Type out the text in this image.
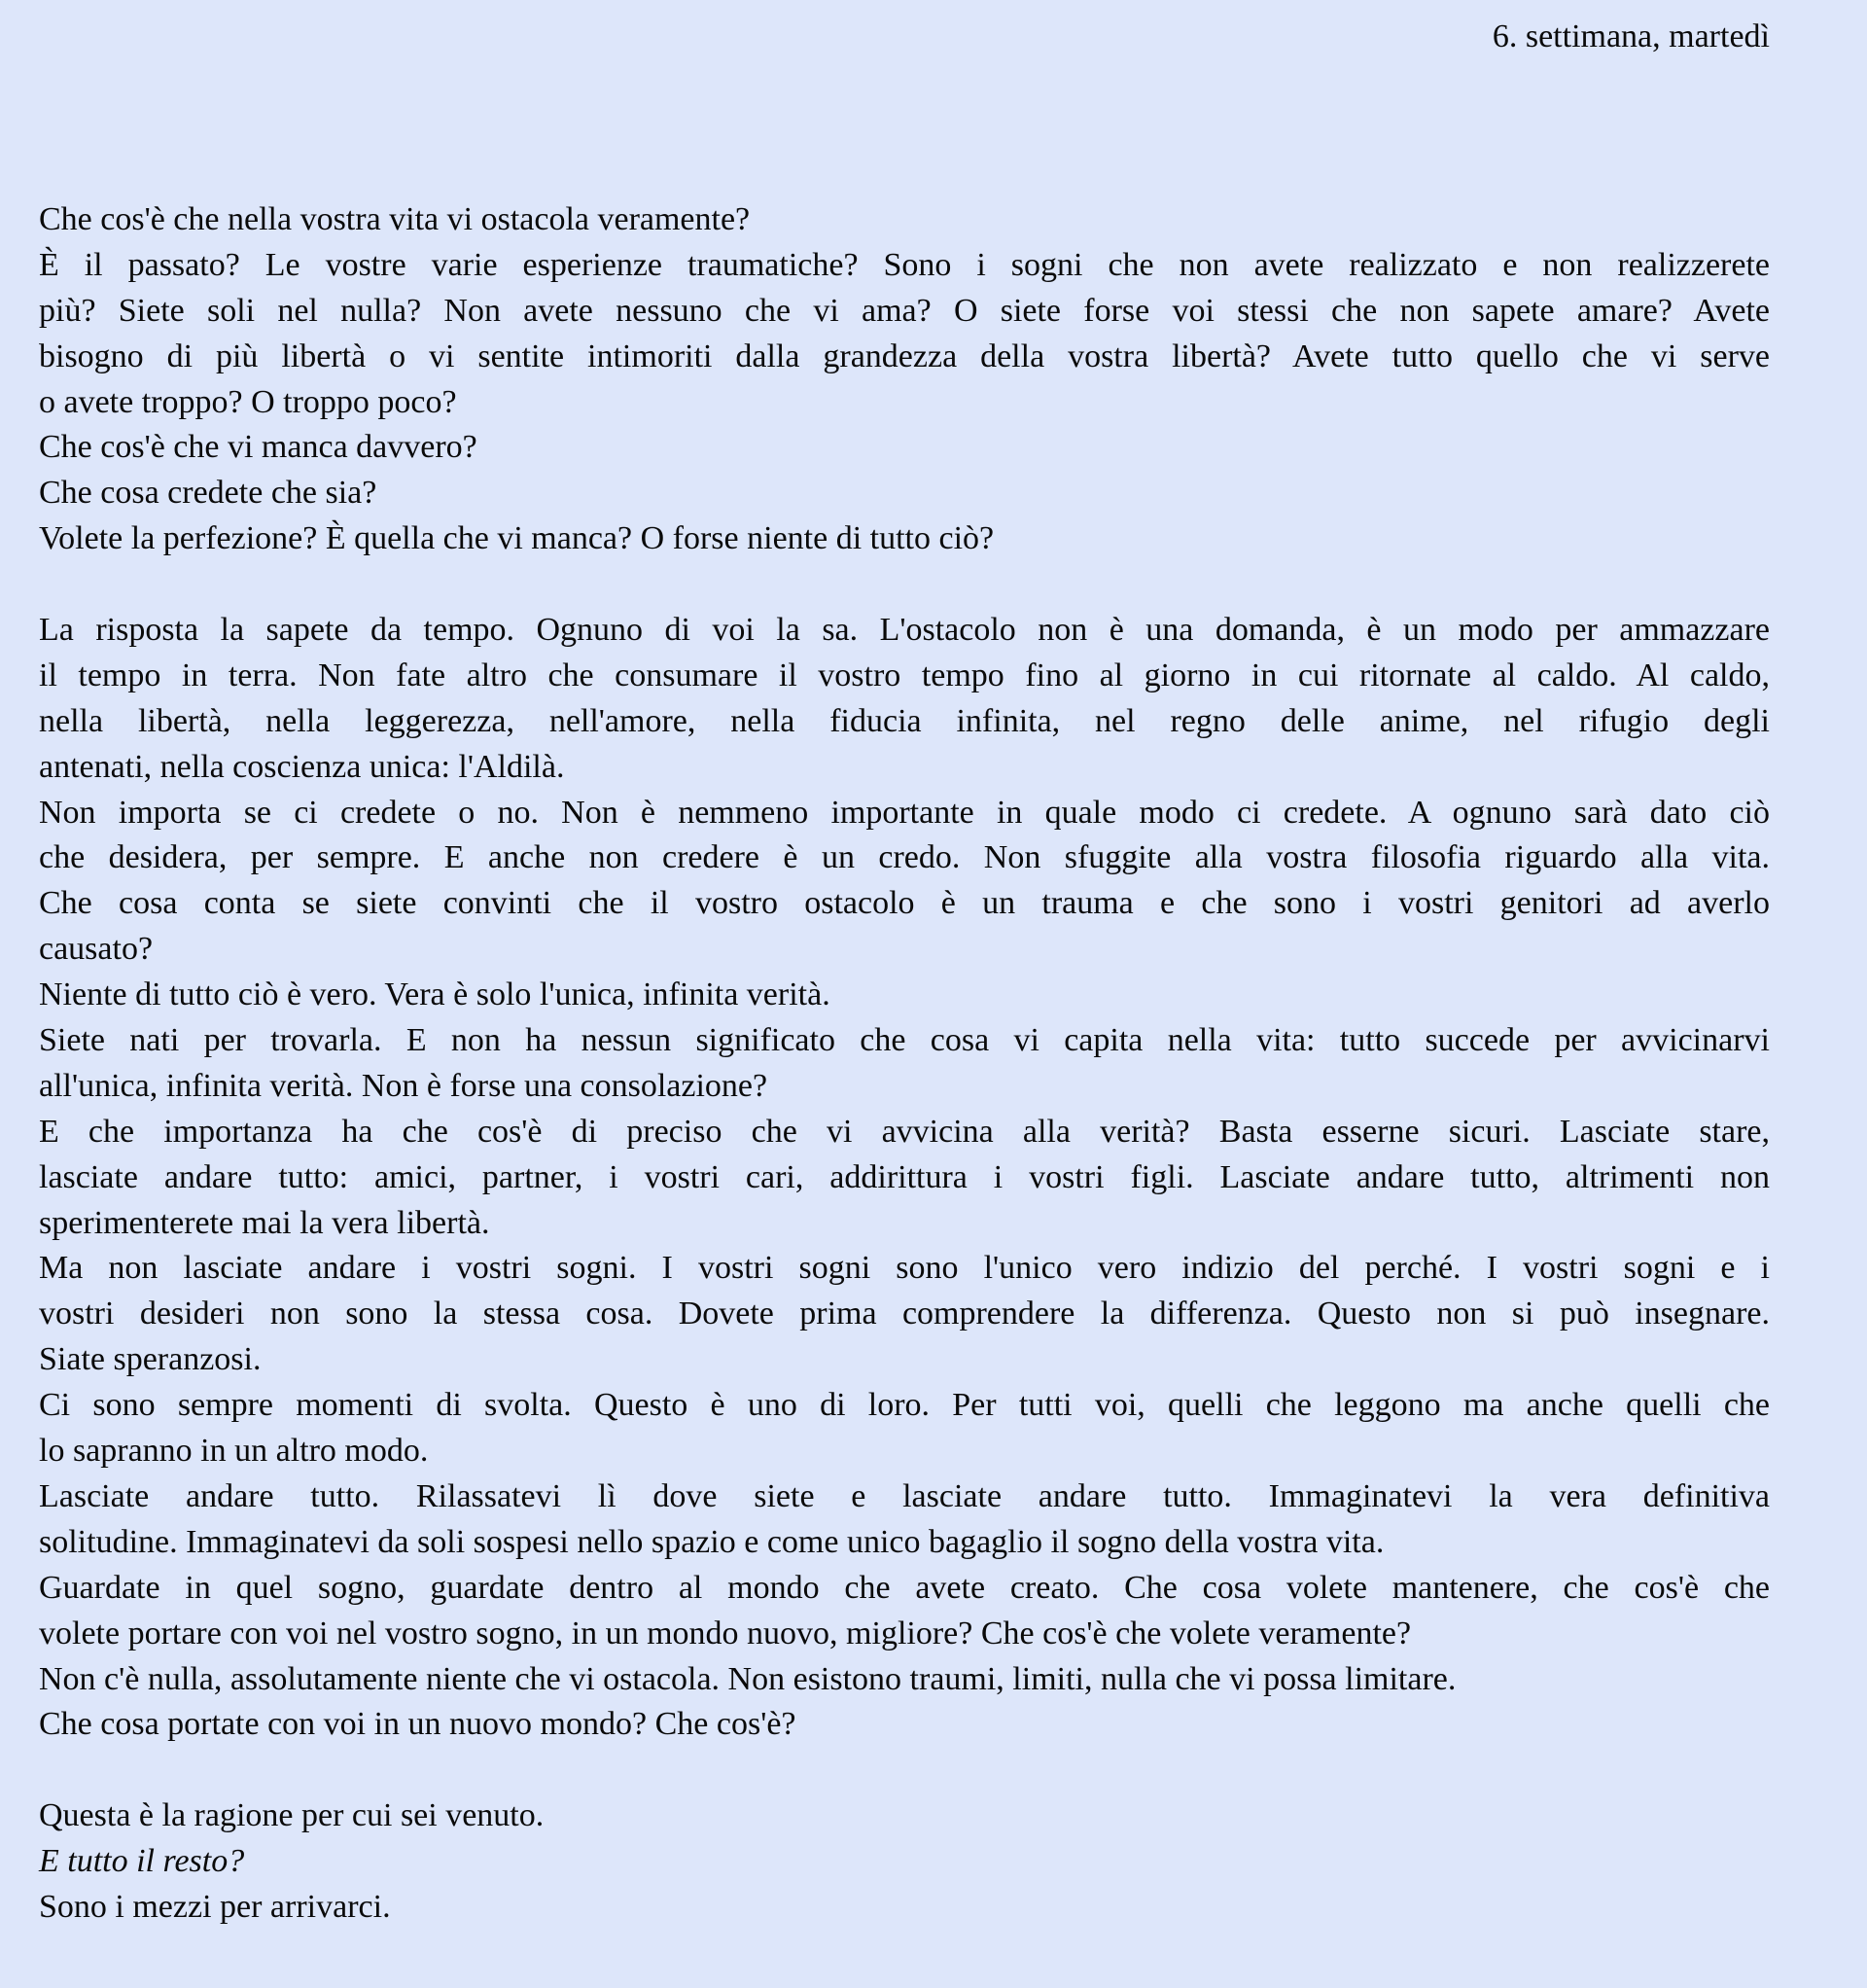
6. settimana, martedì
Che cos'è che nella vostra vita vi ostacola veramente?
È il passato? Le vostre varie esperienze traumatiche? Sono i sogni che non avete realizzato e non realizzerete
più? Siete soli nel nulla? Non avete nessuno che vi ama? O siete forse voi stessi che non sapete amare? Avete
bisogno di più libertà o vi sentite intimoriti dalla grandezza della vostra libertà? Avete tutto quello che vi serve
o avete troppo? O troppo poco?
Che cos'è che vi manca davvero?
Che cosa credete che sia?
Volete la perfezione? È quella che vi manca? O forse niente di tutto ciò?
La risposta la sapete da tempo. Ognuno di voi la sa. L'ostacolo non è una domanda, è un modo per ammazzare
il tempo in terra. Non fate altro che consumare il vostro tempo fino al giorno in cui ritornate al caldo. Al caldo,
nella libertà, nella leggerezza, nell'amore, nella fiducia infinita, nel regno delle anime, nel rifugio degli
antenati, nella coscienza unica: l'Aldilà.
Non importa se ci credete o no. Non è nemmeno importante in quale modo ci credete. A ognuno sarà dato ciò
che desidera, per sempre. E anche non credere è un credo. Non sfuggite alla vostra filosofia riguardo alla vita.
Che cosa conta se siete convinti che il vostro ostacolo è un trauma e che sono i vostri genitori ad averlo
causato?
Niente di tutto ciò è vero. Vera è solo l'unica, infinita verità.
Siete nati per trovarla. E non ha nessun significato che cosa vi capita nella vita: tutto succede per avvicinarvi
all'unica, infinita verità. Non è forse una consolazione?
E che importanza ha che cos'è di preciso che vi avvicina alla verità? Basta esserne sicuri. Lasciate stare,
lasciate andare tutto: amici, partner, i vostri cari, addirittura i vostri figli. Lasciate andare tutto, altrimenti non
sperimenterete mai la vera libertà.
Ma non lasciate andare i vostri sogni. I vostri sogni sono l'unico vero indizio del perché. I vostri sogni e i
vostri desideri non sono la stessa cosa. Dovete prima comprendere la differenza. Questo non si può insegnare.
Siate speranzosi.
Ci sono sempre momenti di svolta. Questo è uno di loro. Per tutti voi, quelli che leggono ma anche quelli che
lo sapranno in un altro modo.
Lasciate andare tutto. Rilassatevi lì dove siete e lasciate andare tutto. Immaginatevi la vera definitiva
solitudine. Immaginatevi da soli sospesi nello spazio e come unico bagaglio il sogno della vostra vita.
Guardate in quel sogno, guardate dentro al mondo che avete creato. Che cosa volete mantenere, che cos'è che
volete portare con voi nel vostro sogno, in un mondo nuovo, migliore? Che cos'è che volete veramente?
Non c'è nulla, assolutamente niente che vi ostacola. Non esistono traumi, limiti, nulla che vi possa limitare.
Che cosa portate con voi in un nuovo mondo? Che cos'è?
Questa è la ragione per cui sei venuto.
E tutto il resto?
Sono i mezzi per arrivarci.
